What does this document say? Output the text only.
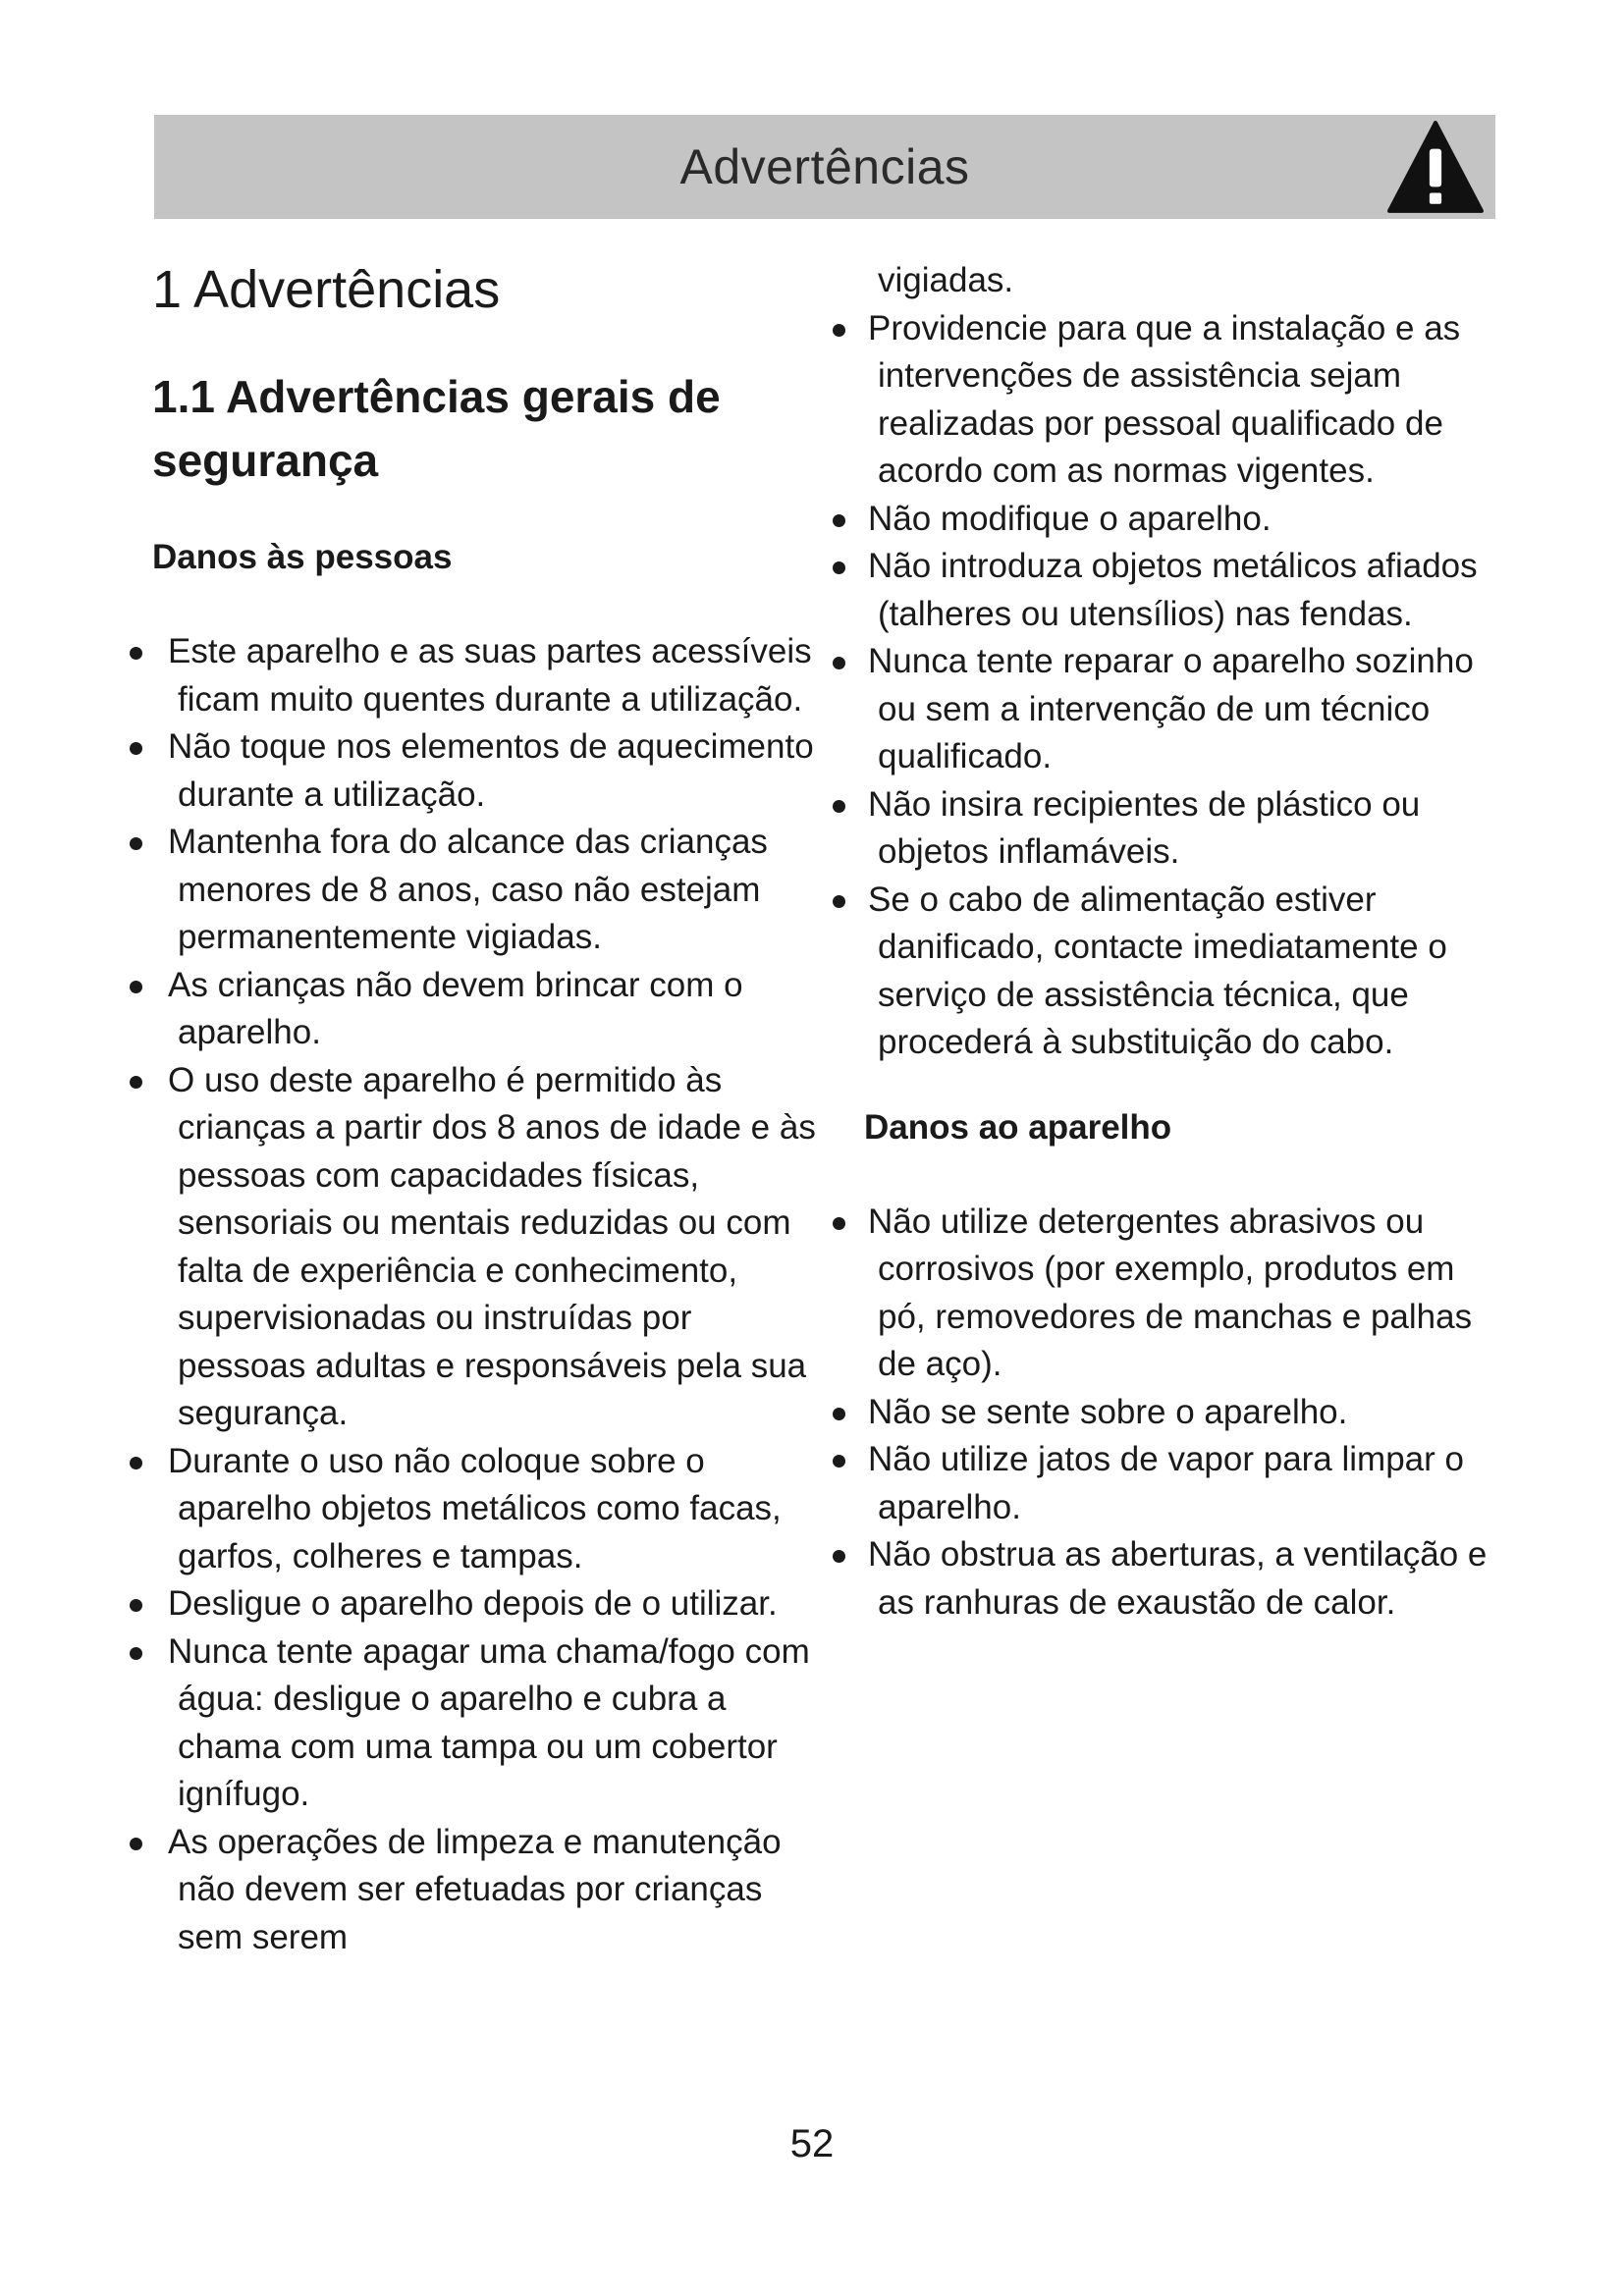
Advertências
1 Advertências
1.1 Advertências gerais de segurança
Danos às pessoas
Este aparelho e as suas partes acessíveis ficam muito quentes durante a utilização.
Não toque nos elementos de aquecimento durante a utilização.
Mantenha fora do alcance das crianças menores de 8 anos, caso não estejam permanentemente vigiadas.
As crianças não devem brincar com o aparelho.
O uso deste aparelho é permitido às crianças a partir dos 8 anos de idade e às pessoas com capacidades físicas, sensoriais ou mentais reduzidas ou com falta de experiência e conhecimento, supervisionadas ou instruídas por pessoas adultas e responsáveis pela sua segurança.
Durante o uso não coloque sobre o aparelho objetos metálicos como facas, garfos, colheres e tampas.
Desligue o aparelho depois de o utilizar.
Nunca tente apagar uma chama/fogo com água: desligue o aparelho e cubra a chama com uma tampa ou um cobertor ignífugo.
As operações de limpeza e manutenção não devem ser efetuadas por crianças sem serem
vigiadas.
Providencie para que a instalação e as intervenções de assistência sejam realizadas por pessoal qualificado de acordo com as normas vigentes.
Não modifique o aparelho.
Não introduza objetos metálicos afiados (talheres ou utensílios) nas fendas.
Nunca tente reparar o aparelho sozinho ou sem a intervenção de um técnico qualificado.
Não insira recipientes de plástico ou objetos inflamáveis.
Se o cabo de alimentação estiver danificado, contacte imediatamente o serviço de assistência técnica, que procederá à substituição do cabo.
Danos ao aparelho
Não utilize detergentes abrasivos ou corrosivos (por exemplo, produtos em pó, removedores de manchas e palhas de aço).
Não se sente sobre o aparelho.
Não utilize jatos de vapor para limpar o aparelho.
Não obstrua as aberturas, a ventilação e as ranhuras de exaustão de calor.
52
